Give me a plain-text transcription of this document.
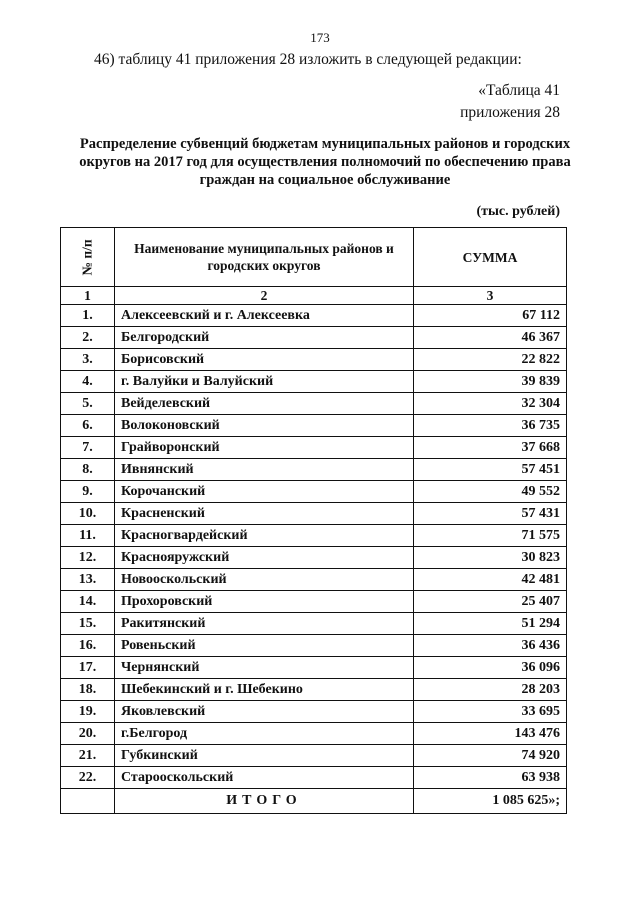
173
46) таблицу 41 приложения 28 изложить в следующей редакции:
«Таблица 41
приложения 28
Распределение субвенций бюджетам муниципальных районов и городских округов на 2017 год для осуществления полномочий по обеспечению права граждан на социальное обслуживание
(тыс. рублей)
№ п/п	Наименование муниципальных районов и городских округов	СУММА
1	2	3
1.	Алексеевский и г. Алексеевка	67 112
2.	Белгородский	46 367
3.	Борисовский	22 822
4.	г. Валуйки и Валуйский	39 839
5.	Вейделевский	32 304
6.	Волоконовский	36 735
7.	Грайворонский	37 668
8.	Ивнянский	57 451
9.	Корочанский	49 552
10.	Красненский	57 431
11.	Красногвардейский	71 575
12.	Краснояружский	30 823
13.	Новооскольский	42 481
14.	Прохоровский	25 407
15.	Ракитянский	51 294
16.	Ровеньский	36 436
17.	Чернянский	36 096
18.	Шебекинский и г. Шебекино	28 203
19.	Яковлевский	33 695
20.	г.Белгород	143 476
21.	Губкинский	74 920
22.	Старооскольский	63 938
	ИТОГО	1 085 625»;
